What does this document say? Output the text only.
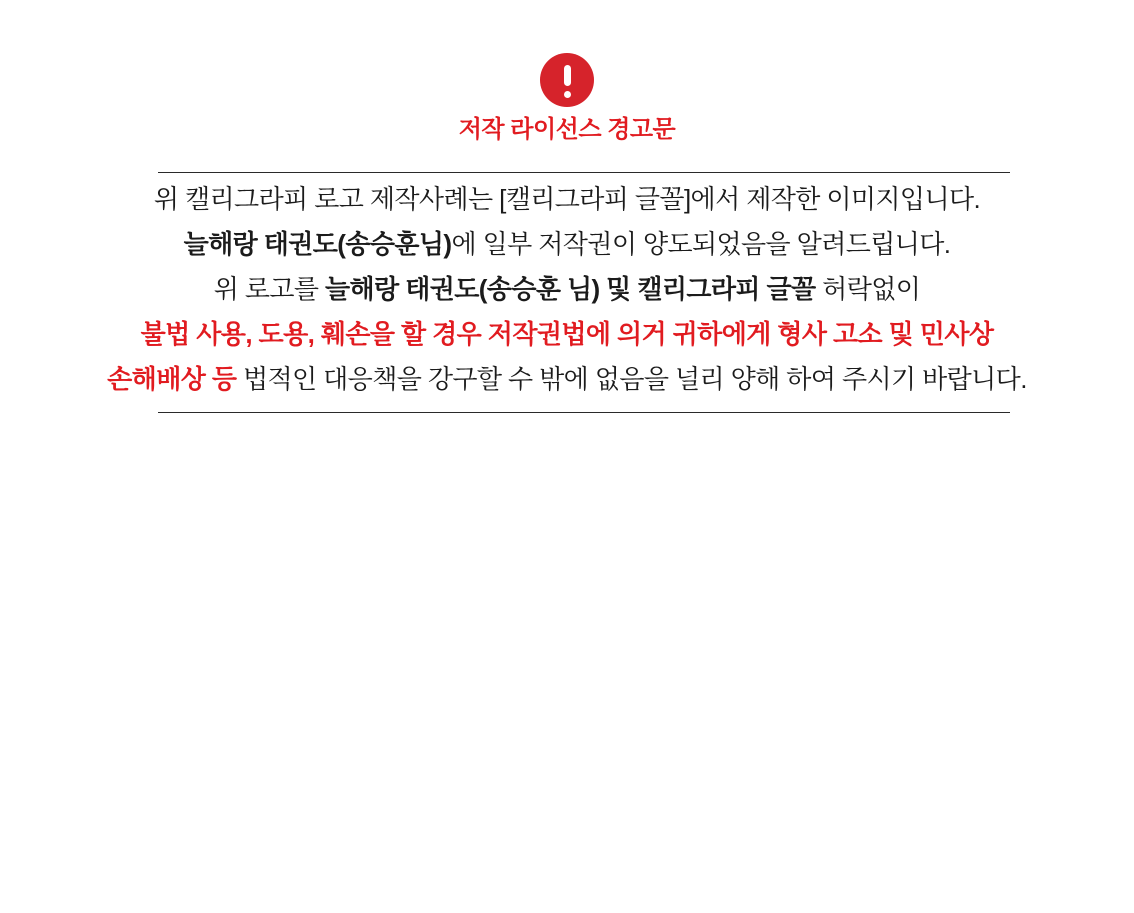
저작 라이선스 경고문
위 캘리그라피 로고 제작사례는 [캘리그라피 글꼴]에서 제작한 이미지입니다.
늘해랑 태권도(송승훈님)에 일부 저작권이 양도되었음을 알려드립니다.
위 로고를 늘해랑 태권도(송승훈 님) 및 캘리그라피 글꼴 허락없이
불법 사용, 도용, 훼손을 할 경우 저작권법에 의거 귀하에게 형사 고소 및 민사상
손해배상 등 법적인 대응책을 강구할 수 밖에 없음을 널리 양해 하여 주시기 바랍니다.
